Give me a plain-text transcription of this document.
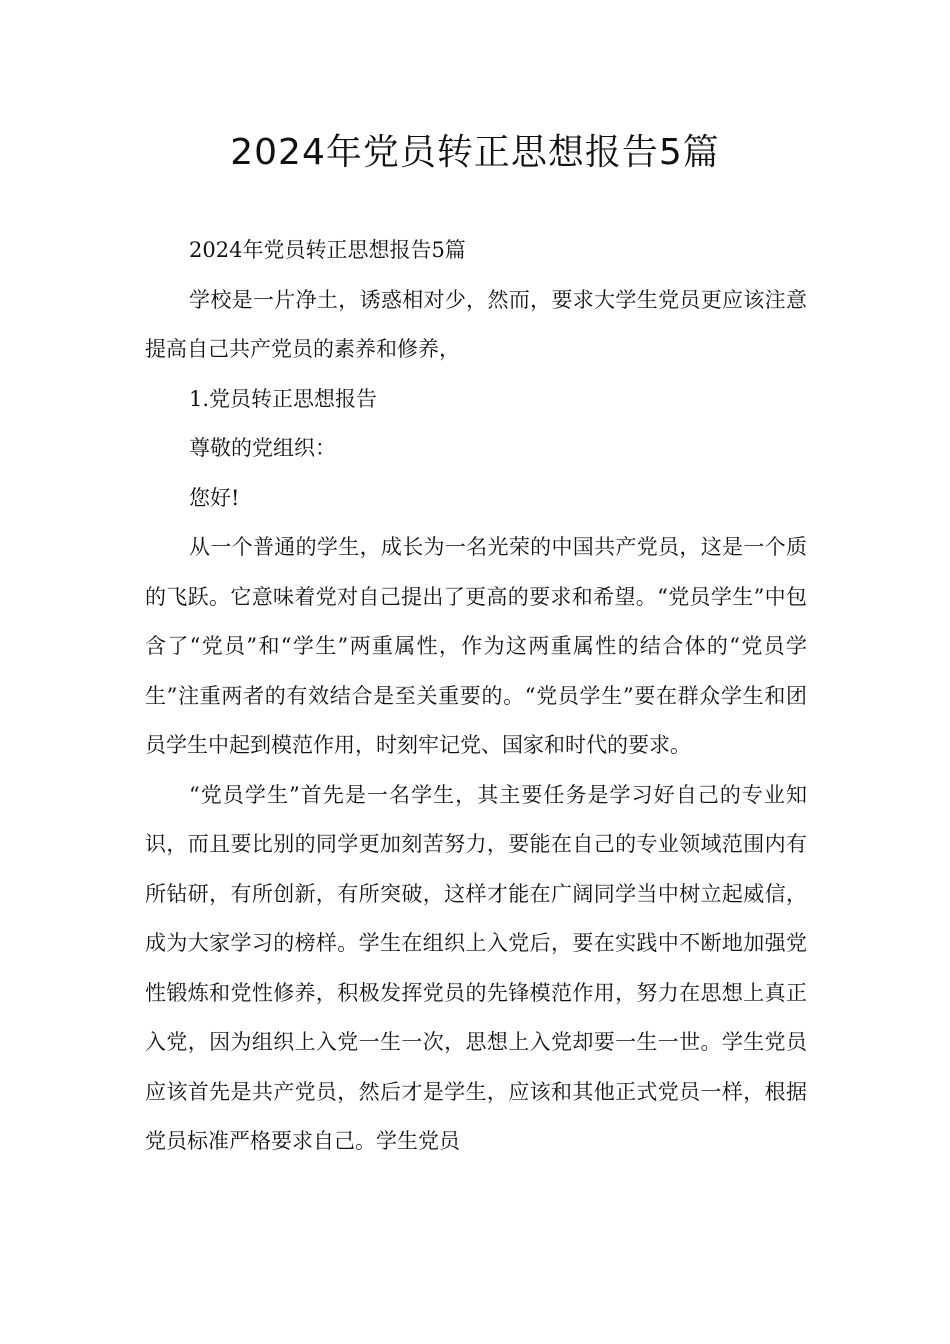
2024年党员转正思想报告5篇

2024年党员转正思想报告5篇

学校是一片净土，诱惑相对少，然而，要求大学生党员更应该注意提高自己共产党员的素养和修养，

1.党员转正思想报告

尊敬的党组织：

您好!

从一个普通的学生，成长为一名光荣的中国共产党员，这是一个质的飞跃。它意味着党对自己提出了更高的要求和希望。“党员学生”中包含了“党员”和“学生”两重属性，作为这两重属性的结合体的“党员学生”注重两者的有效结合是至关重要的。“党员学生”要在群众学生和团员学生中起到模范作用，时刻牢记党、国家和时代的要求。

“党员学生”首先是一名学生，其主要任务是学习好自己的专业知识，而且要比别的同学更加刻苦努力，要能在自己的专业领域范围内有所钻研，有所创新，有所突破，这样才能在广阔同学当中树立起威信，成为大家学习的榜样。学生在组织上入党后，要在实践中不断地加强党性锻炼和党性修养，积极发挥党员的先锋模范作用，努力在思想上真正入党，因为组织上入党一生一次，思想上入党却要一生一世。学生党员应该首先是共产党员，然后才是学生，应该和其他正式党员一样，根据党员标准严格要求自己。学生党员
